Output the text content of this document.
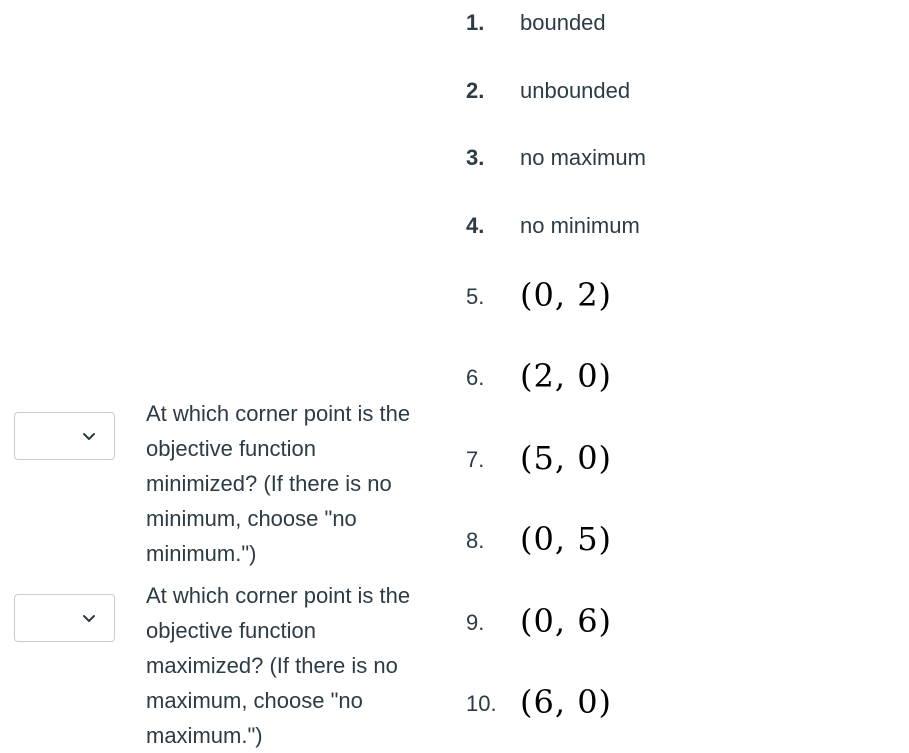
At which corner point is the objective function minimized? (If there is no minimum, choose "no minimum.")

At which corner point is the objective function maximized? (If there is no maximum, choose "no maximum.")

1.	bounded
2.	unbounded
3.	no maximum
4.	no minimum
5.	(0, 2)
6.	(2, 0)
7.	(5, 0)
8.	(0, 5)
9.	(0, 6)
10. (6, 0)
